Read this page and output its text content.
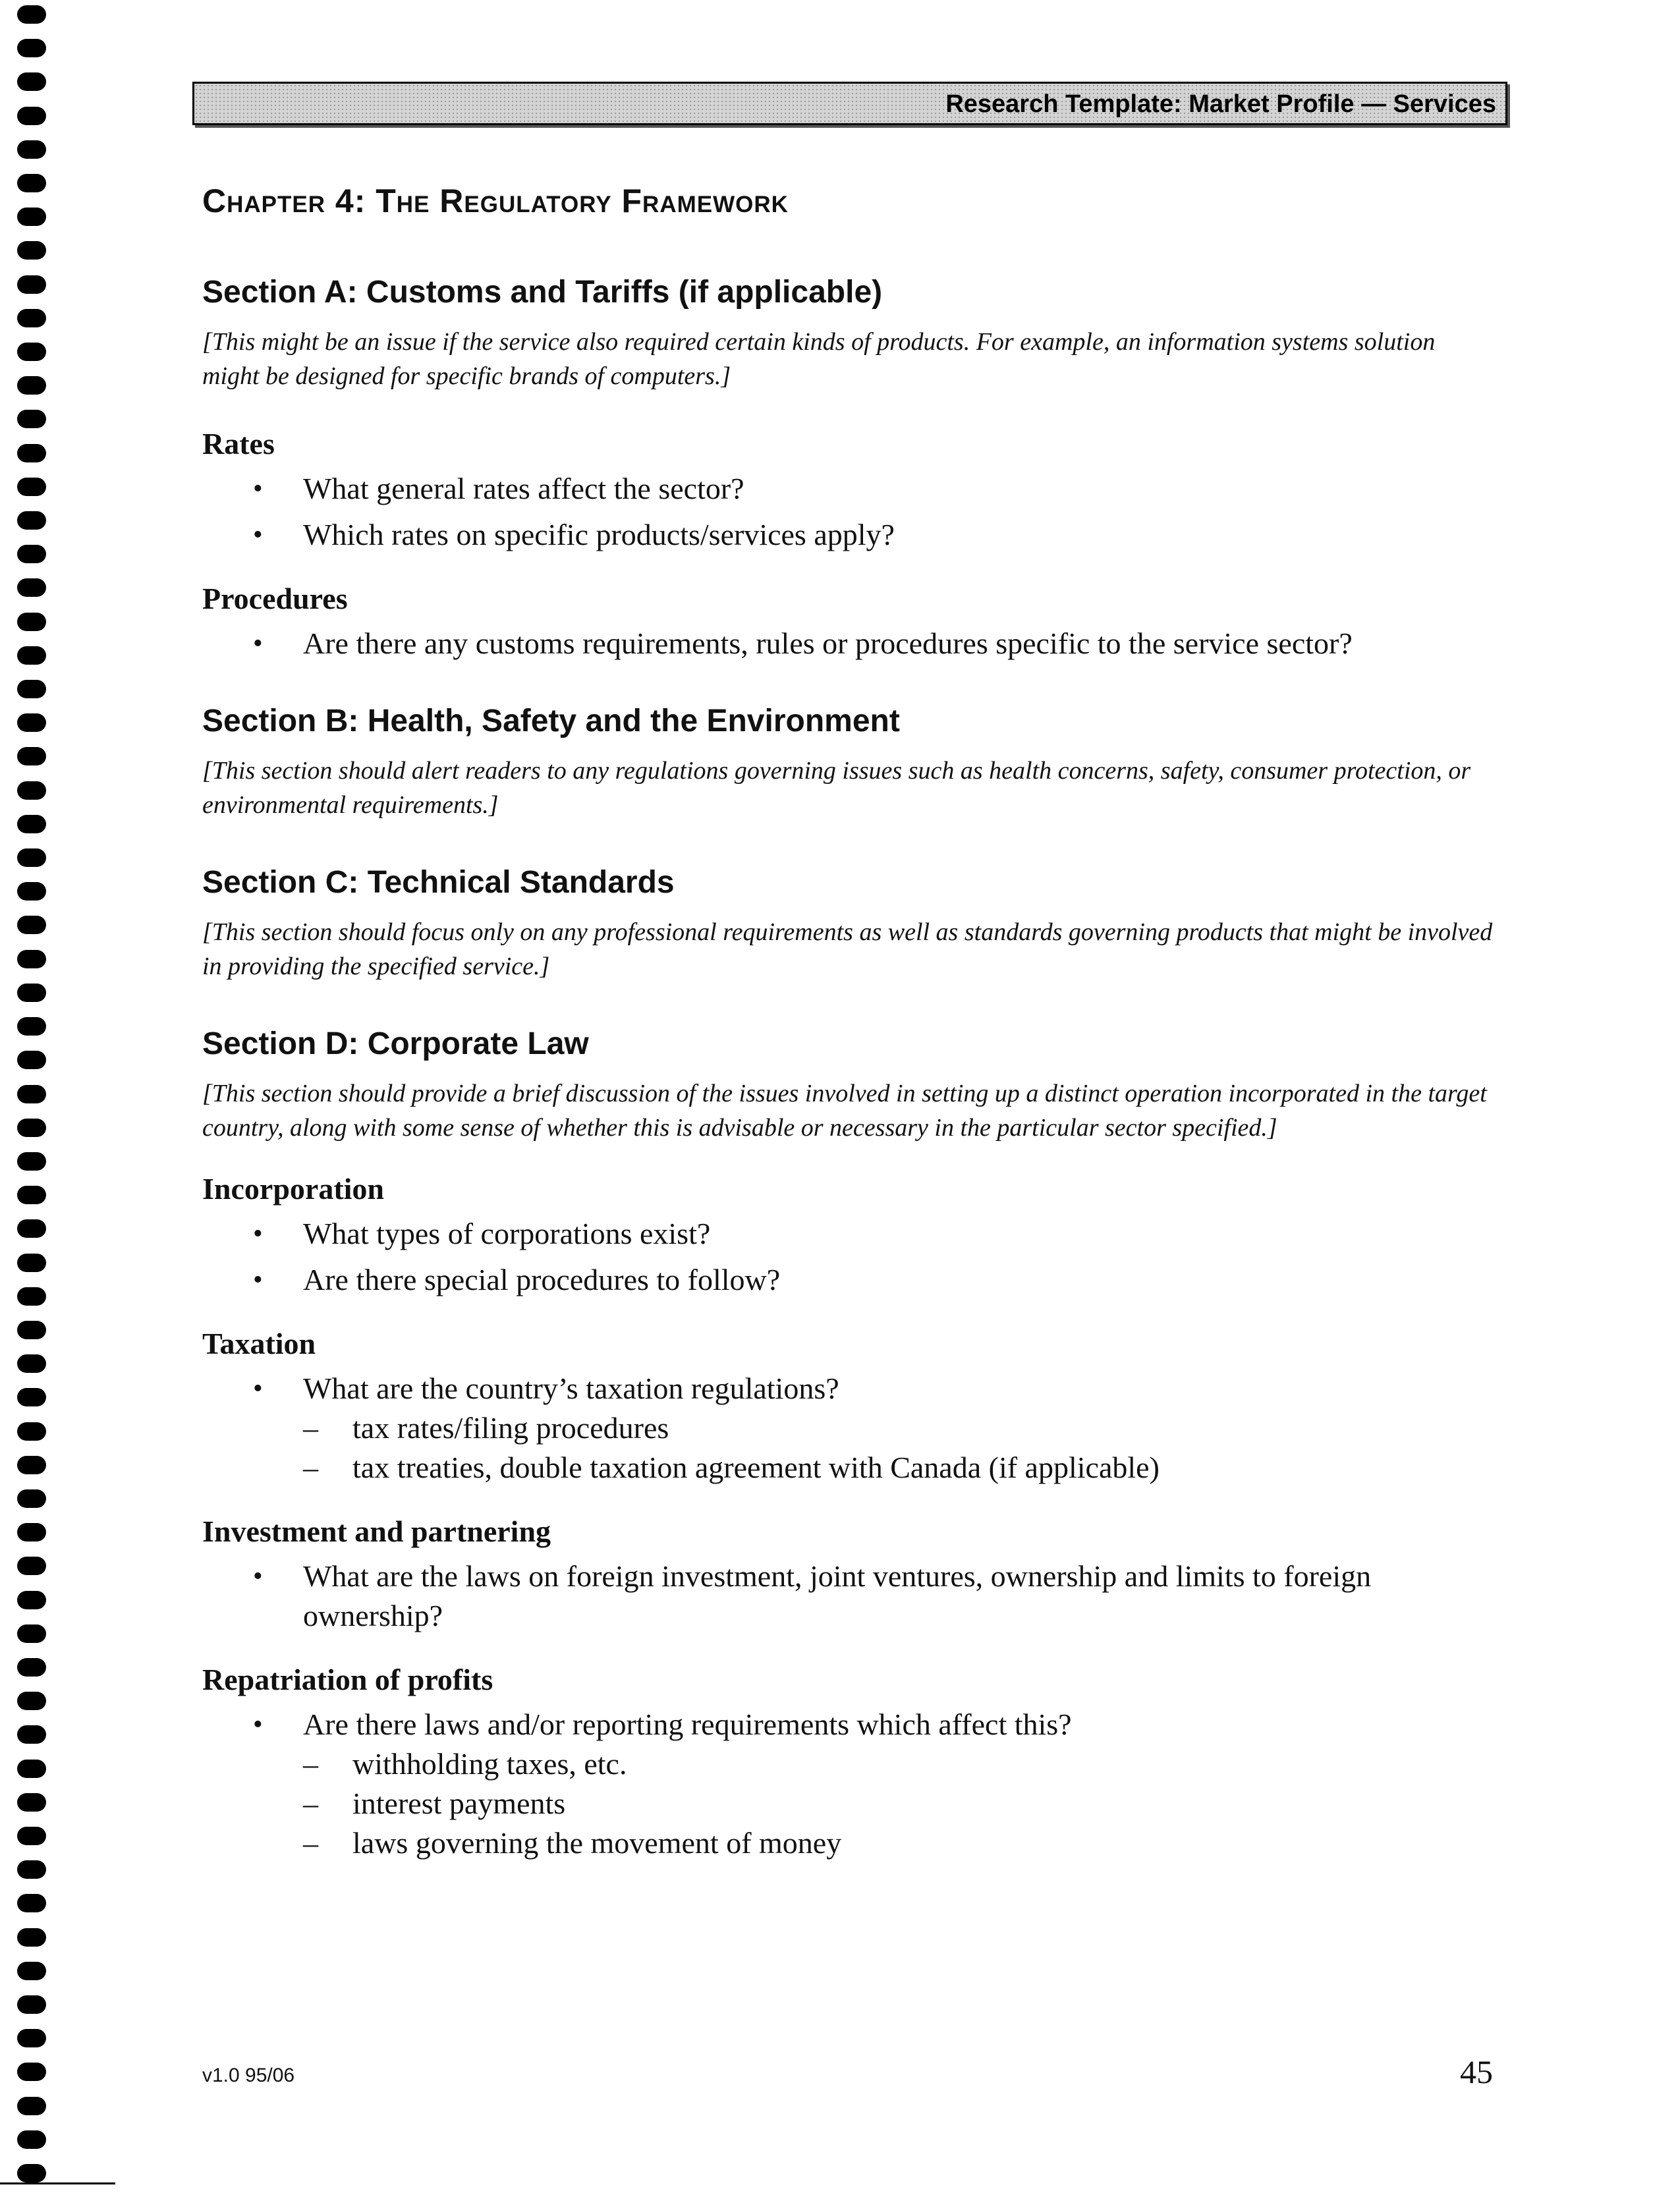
Research Template: Market Profile — Services
Chapter 4: The Regulatory Framework
Section A: Customs and Tariffs (if applicable)

[This might be an issue if the service also required certain kinds of products. For example, an information systems solution might be designed for specific brands of computers.]

Rates
• What general rates affect the sector?
• Which rates on specific products/services apply?
Procedures
• Are there any customs requirements, rules or procedures specific to the service sector?
Section B: Health, Safety and the Environment

[This section should alert readers to any regulations governing issues such as health concerns, safety, consumer protection, or environmental requirements.]

Section C: Technical Standards

[This section should focus only on any professional requirements as well as standards governing products that might be involved in providing the specified service.]

Section D: Corporate Law

[This section should provide a brief discussion of the issues involved in setting up a distinct operation incorporated in the target country, along with some sense of whether this is advisable or necessary in the particular sector specified.]

Incorporation
• What types of corporations exist?
• Are there special procedures to follow?
Taxation
• What are the country’s taxation regulations?
– tax rates/filing procedures
– tax treaties, double taxation agreement with Canada (if applicable)
Investment and partnering
• What are the laws on foreign investment, joint ventures, ownership and limits to foreign ownership?
Repatriation of profits
• Are there laws and/or reporting requirements which affect this?
– withholding taxes, etc.
– interest payments
– laws governing the movement of money
v1.0 95/06	45
